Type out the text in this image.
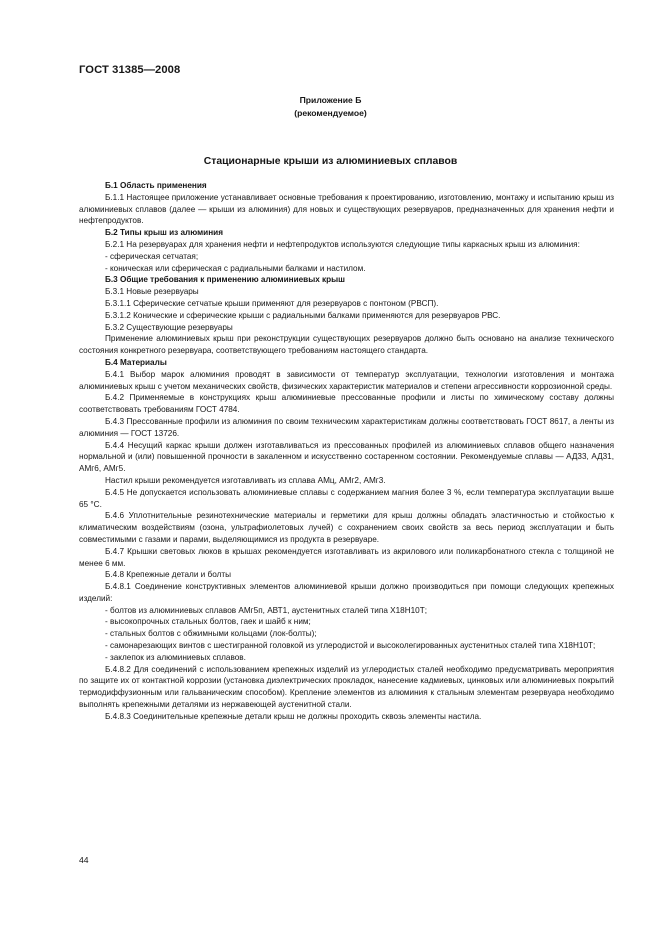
ГОСТ 31385—2008
Приложение Б
(рекомендуемое)
Стационарные крыши из алюминиевых сплавов

Б.1 Область применения

Б.1.1 Настоящее приложение устанавливает основные требования к проектированию, изготовлению, монтажу и испытанию крыш из алюминиевых сплавов (далее — крыши из алюминия) для новых и существующих резервуаров, предназначенных для хранения нефти и нефтепродуктов.

Б.2 Типы крыш из алюминия

Б.2.1 На резервуарах для хранения нефти и нефтепродуктов используются следующие типы каркасных крыш из алюминия:

- сферическая сетчатая;

- коническая или сферическая с радиальными балками и настилом.

Б.3 Общие требования к применению алюминиевых крыш

Б.3.1 Новые резервуары

Б.3.1.1 Сферические сетчатые крыши применяют для резервуаров с понтоном (РВСП).

Б.3.1.2 Конические и сферические крыши с радиальными балками применяются для резервуаров РВС.

Б.3.2 Существующие резервуары

Применение алюминиевых крыш при реконструкции существующих резервуаров должно быть основано на анализе технического состояния конкретного резервуара, соответствующего требованиям настоящего стандарта.

Б.4 Материалы

Б.4.1 Выбор марок алюминия проводят в зависимости от температур эксплуатации, технологии изготовления и монтажа алюминиевых крыш с учетом механических свойств, физических характеристик материалов и степени агрессивности коррозионной среды.

Б.4.2 Применяемые в конструкциях крыш алюминиевые прессованные профили и листы по химическому составу должны соответствовать требованиям ГОСТ 4784.

Б.4.3 Прессованные профили из алюминия по своим техническим характеристикам должны соответствовать ГОСТ 8617, а ленты из алюминия — ГОСТ 13726.

Б.4.4 Несущий каркас крыши должен изготавливаться из прессованных профилей из алюминиевых сплавов общего назначения нормальной и (или) повышенной прочности в закаленном и искусственно состаренном состоянии. Рекомендуемые сплавы — АД33, АД31, АМг6, АМг5.

Настил крыши рекомендуется изготавливать из сплава АМц, АМг2, АМг3.

Б.4.5 Не допускается использовать алюминиевые сплавы с содержанием магния более 3 %, если температура эксплуатации выше 65 °С.

Б.4.6 Уплотнительные резинотехнические материалы и герметики для крыш должны обладать эластичностью и стойкостью к климатическим воздействиям (озона, ультрафиолетовых лучей) с сохранением своих свойств за весь период эксплуатации и быть совместимыми с газами и парами, выделяющимися из продукта в резервуаре.

Б.4.7 Крышки световых люков в крышах рекомендуется изготавливать из акрилового или поликарбонатного стекла с толщиной не менее 6 мм.

Б.4.8 Крепежные детали и болты

Б.4.8.1 Соединение конструктивных элементов алюминиевой крыши должно производиться при помощи следующих крепежных изделий:

- болтов из алюминиевых сплавов АМг5п, АВТ1, аустенитных сталей типа Х18Н10Т;

- высокопрочных стальных болтов, гаек и шайб к ним;

- стальных болтов с обжимными кольцами (лок-болты);

- самонарезающих винтов с шестигранной головкой из углеродистой и высоколегированных аустенитных сталей типа Х18Н10Т;

- заклепок из алюминиевых сплавов.

Б.4.8.2 Для соединений с использованием крепежных изделий из углеродистых сталей необходимо предусматривать мероприятия по защите их от контактной коррозии (установка диэлектрических прокладок, нанесение кадмиевых, цинковых или алюминиевых покрытий термодиффузионным или гальваническим способом). Крепление элементов из алюминия к стальным элементам резервуара необходимо выполнять крепежными деталями из нержавеющей аустенитной стали.

Б.4.8.3 Соединительные крепежные детали крыш не должны проходить сквозь элементы настила.

44
